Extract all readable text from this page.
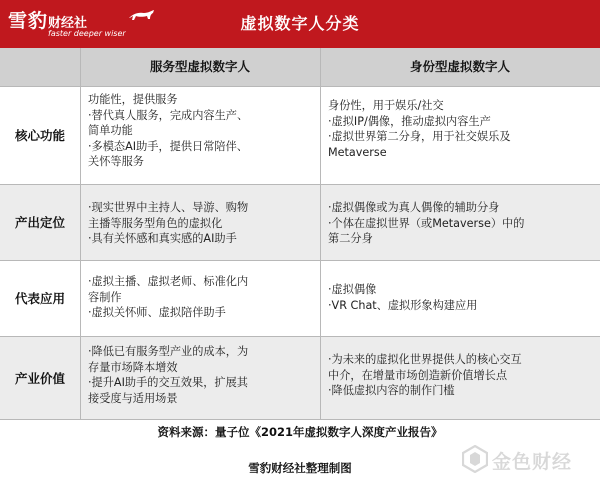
雪豹财经社
faster deeper wiser
虚拟数字人分类
服务型虚拟数字人	身份型虚拟数字人
核心功能
功能性，提供服务
·替代真人服务，完成内容生产、
简单功能
·多模态AI助手，提供日常陪伴、
关怀等服务
身份性，用于娱乐/社交
·虚拟IP/偶像，推动虚拟内容生产
·虚拟世界第二分身，用于社交娱乐及
Metaverse
产出定位
·现实世界中主持人、导游、购物
主播等服务型角色的虚拟化
·具有关怀感和真实感的AI助手
·虚拟偶像或为真人偶像的辅助分身
·个体在虚拟世界（或Metaverse）中的
第二分身
代表应用
·虚拟主播、虚拟老师、标准化内
容制作
·虚拟关怀师、虚拟陪伴助手
·虚拟偶像
·VR Chat、虚拟形象构建应用
产业价值
·降低已有服务型产业的成本，为
存量市场降本增效
·提升AI助手的交互效果，扩展其
接受度与适用场景
·为未来的虚拟化世界提供人的核心交互
中介，在增量市场创造新价值增长点
·降低虚拟内容的制作门槛
资料来源：量子位《2021年虚拟数字人深度产业报告》
金色财经
雪豹财经社整理制图
